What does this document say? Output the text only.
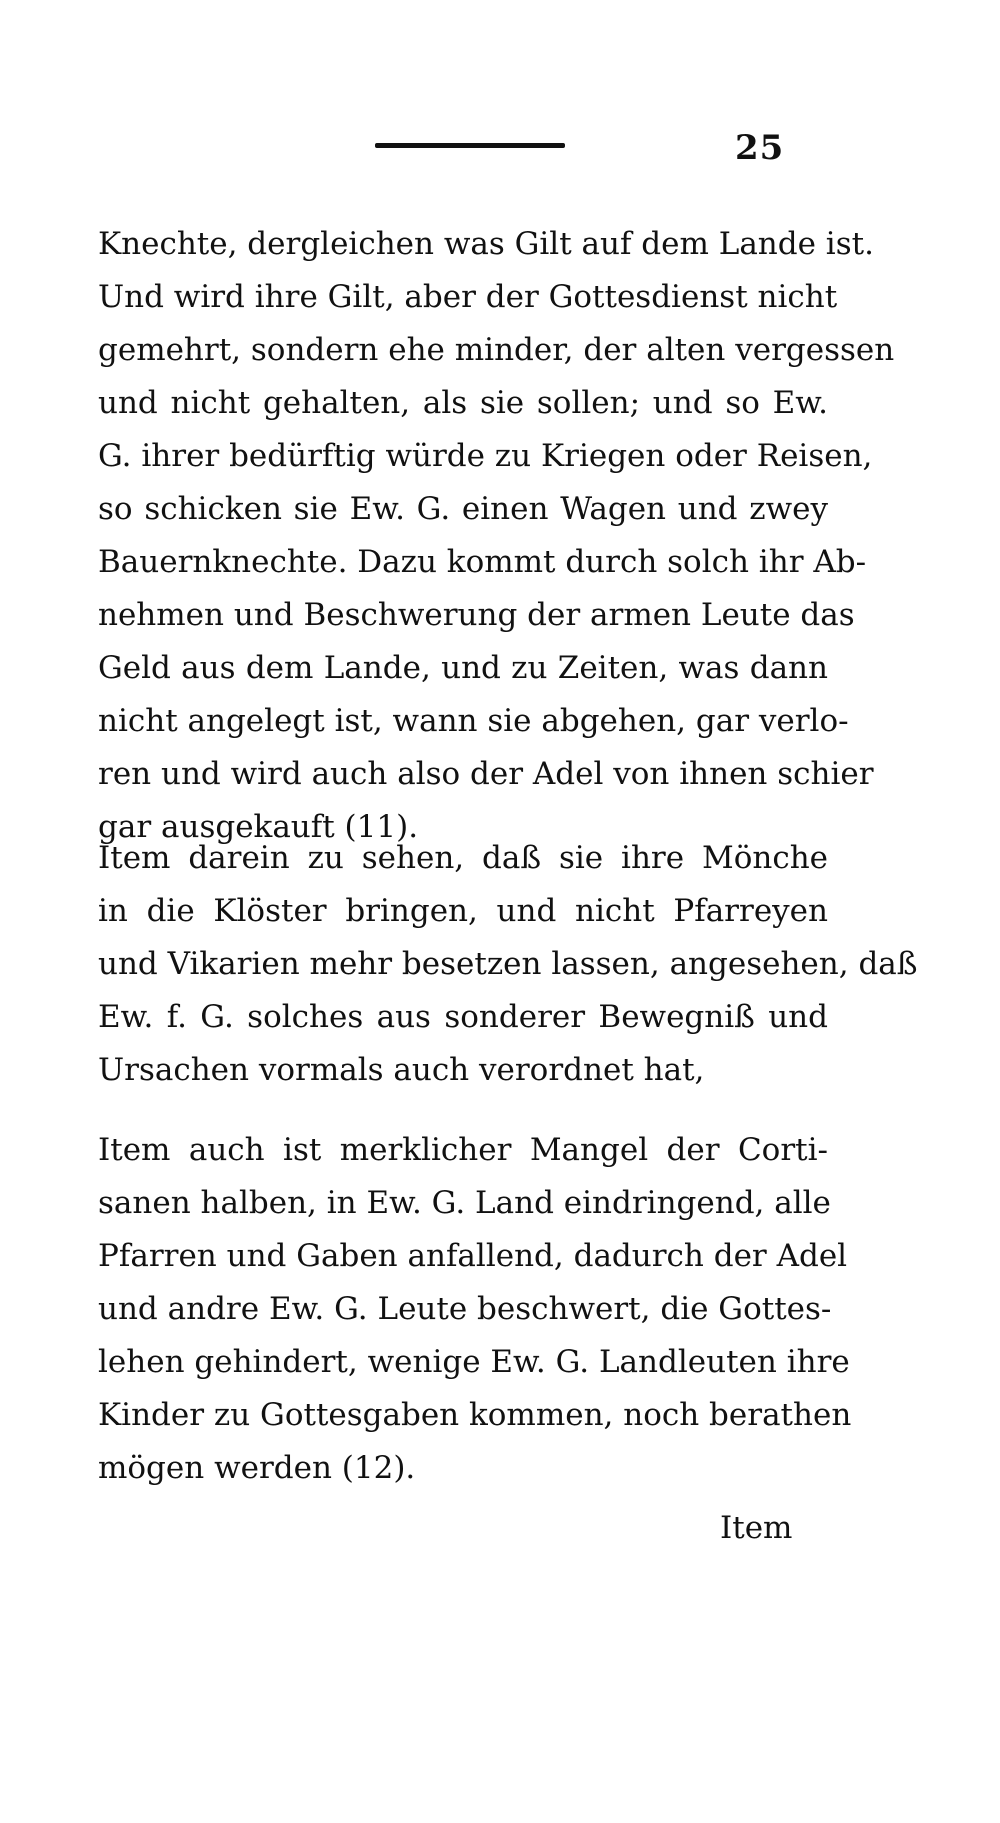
25

Knechte, dergleichen was Gilt auf dem Lande ist.
Und wird ihre Gilt, aber der Gottesdienst nicht
gemehrt, sondern ehe minder, der alten vergessen
und nicht gehalten, als sie sollen; und so Ew.
G. ihrer bedürftig würde zu Kriegen oder Reisen,
so schicken sie Ew. G. einen Wagen und zwey
Bauernknechte. Dazu kommt durch solch ihr Ab-
nehmen und Beschwerung der armen Leute das
Geld aus dem Lande, und zu Zeiten, was dann
nicht angelegt ist, wann sie abgehen, gar verlo-
ren und wird auch also der Adel von ihnen schier
gar ausgekauft (11).

Item darein zu sehen, daß sie ihre Mönche
in die Klöster bringen, und nicht Pfarreyen
und Vikarien mehr besetzen lassen, angesehen, daß
Ew. f. G. solches aus sonderer Bewegniß und
Ursachen vormals auch verordnet hat,

Item auch ist merklicher Mangel der Corti-
sanen halben, in Ew. G. Land eindringend, alle
Pfarren und Gaben anfallend, dadurch der Adel
und andre Ew. G. Leute beschwert, die Gottes-
lehen gehindert, wenige Ew. G. Landleuten ihre
Kinder zu Gottesgaben kommen, noch berathen
mögen werden (12).

Item
